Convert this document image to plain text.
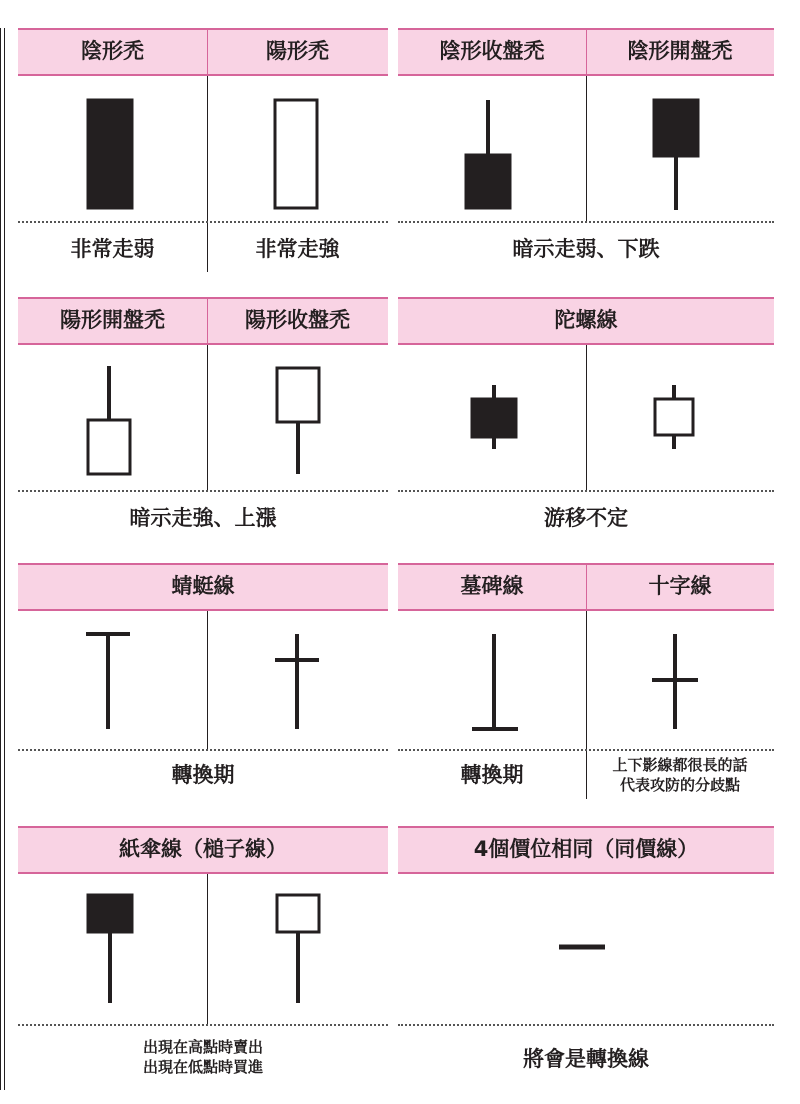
陰形禿	陽形禿	陰形收盤禿	陰形開盤禿
非常走弱	非常走強	暗示走弱、下跌
陽形開盤禿	陽形收盤禿	陀螺線
暗示走強、上漲	游移不定
蜻蜓線	墓碑線	十字線
轉換期	轉換期	上下影線都很長的話
代表攻防的分歧點
紙傘線（槌子線）	4個價位相同（同價線）
出現在高點時賣出
出現在低點時買進	將會是轉換線
